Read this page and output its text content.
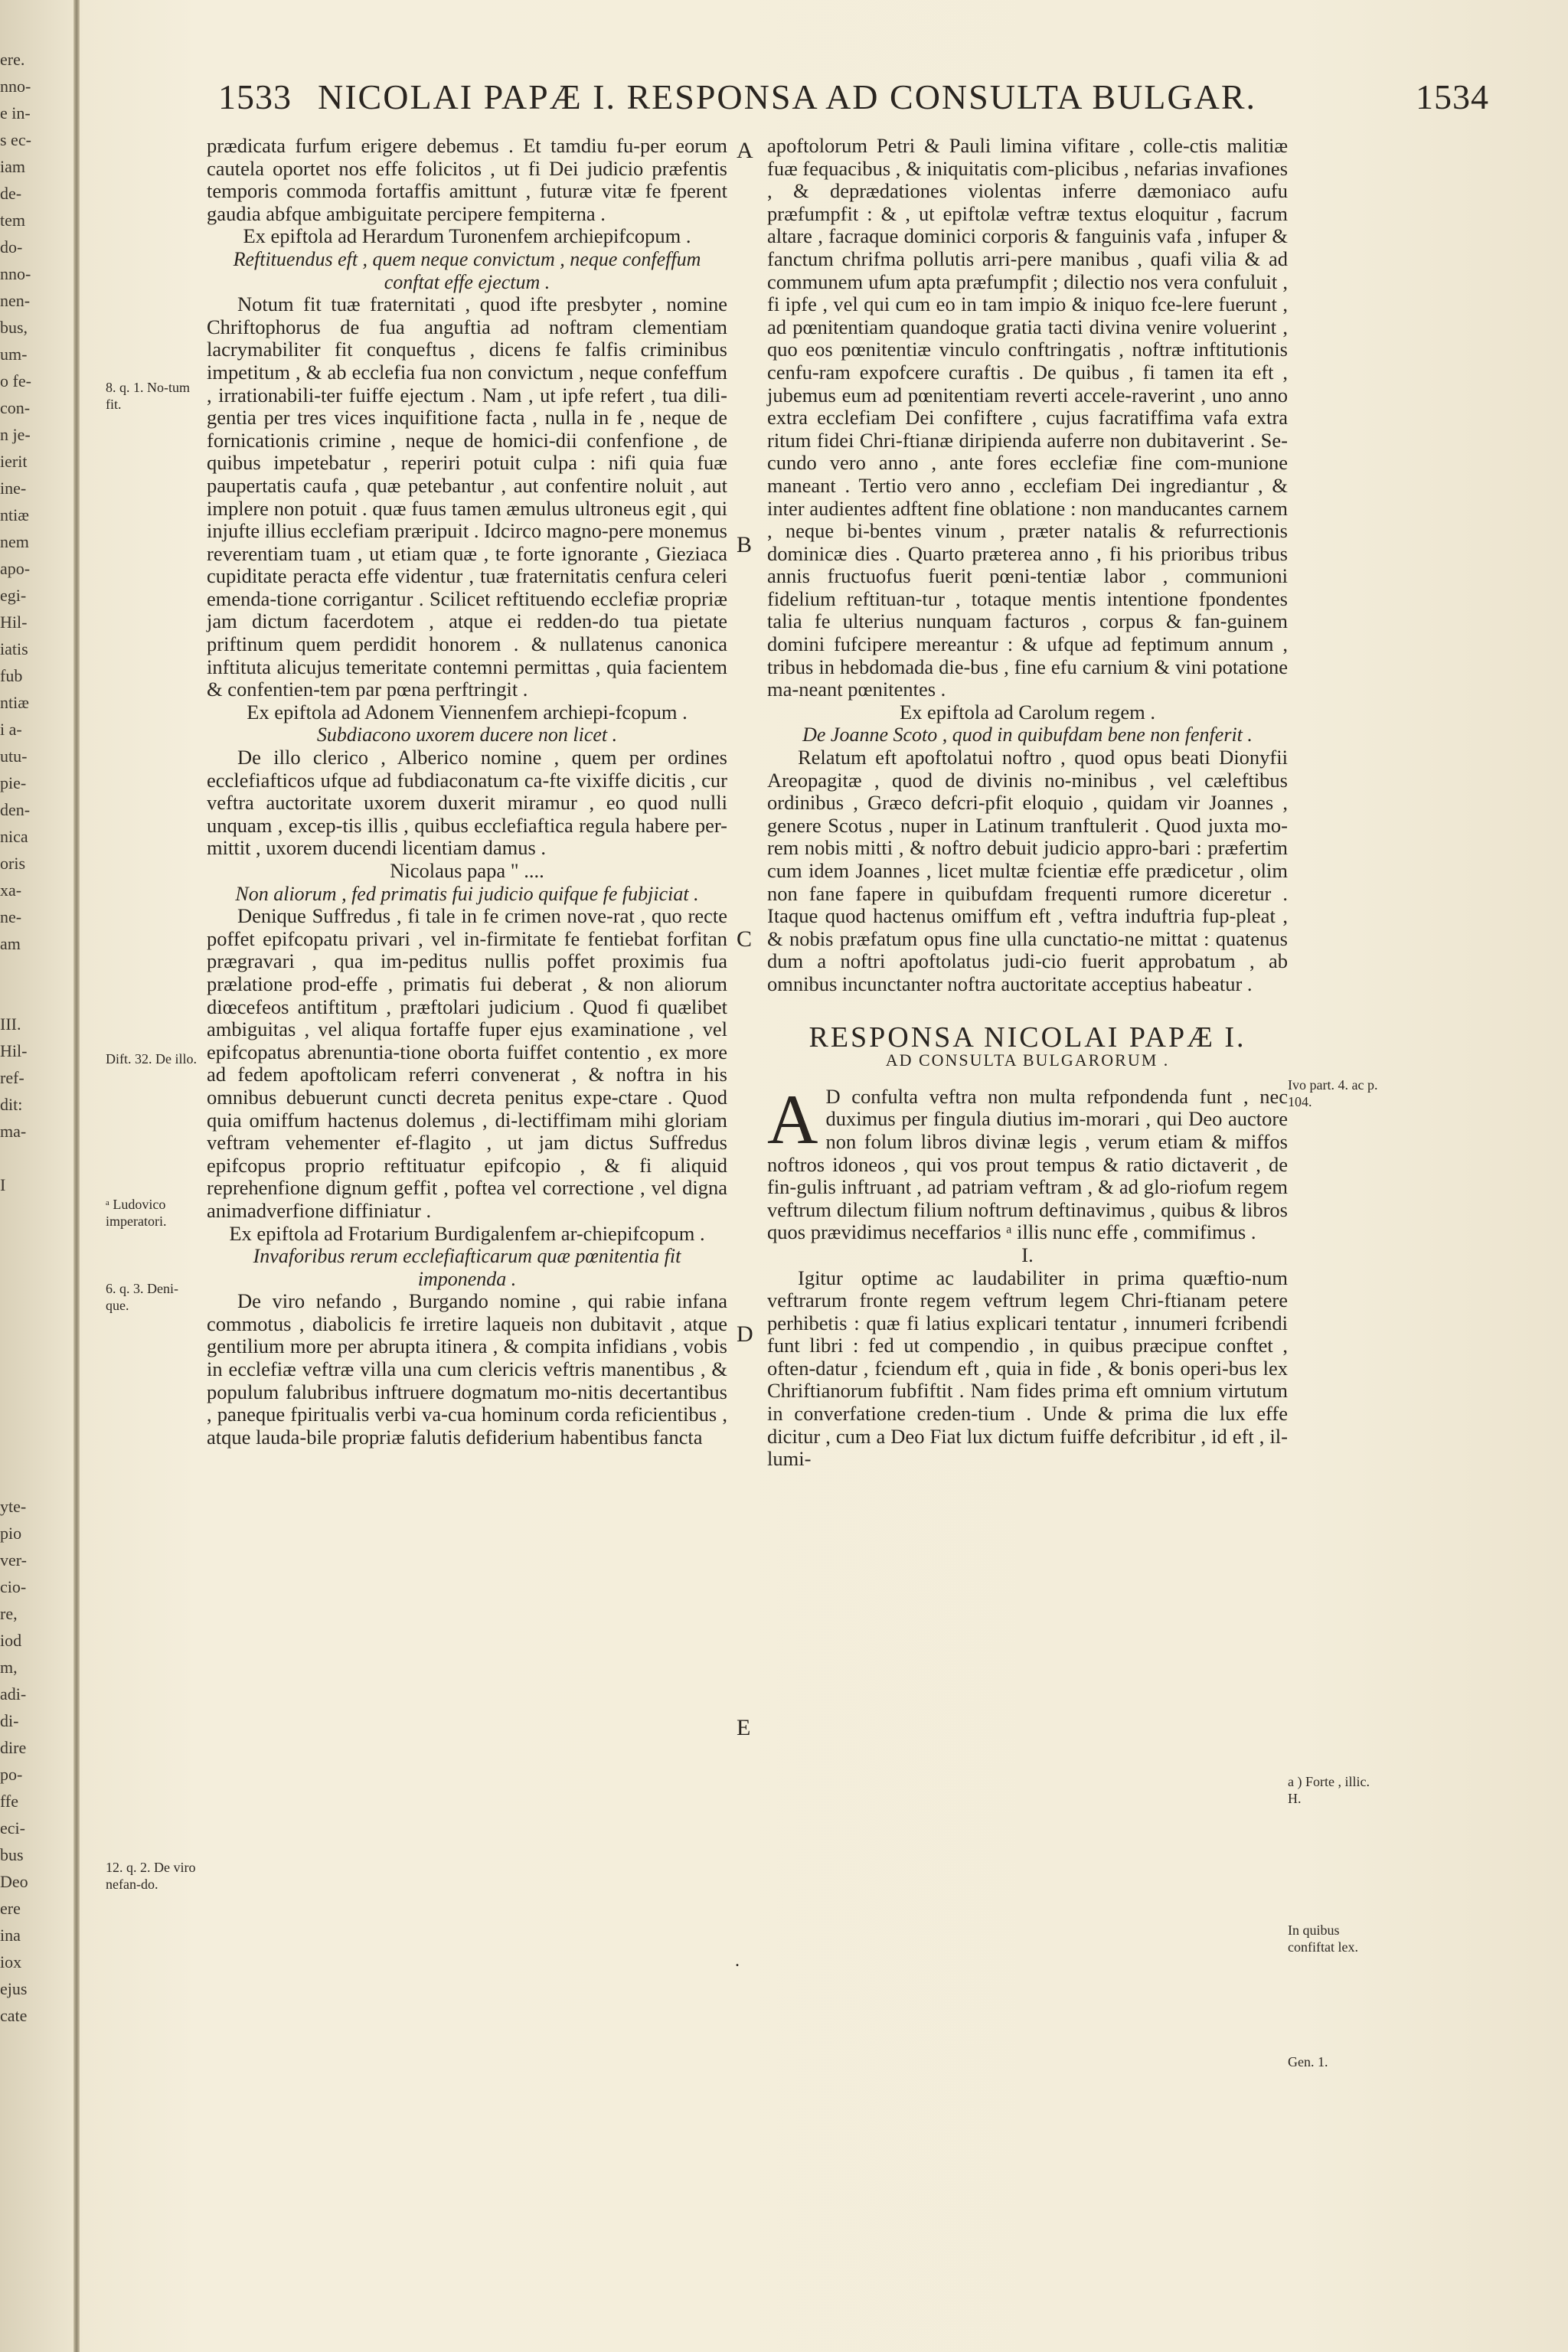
ere.
nno-
e in-
s ec-
iam
de-
tem
do-
nno-
nen-
bus,
um-
o fe-
con-
n je-
ierit
ine-
ntiæ
nem
apo-
egi-
Hil-
iatis
fub
ntiæ
i a-
utu-
pie-
den-
nica
oris
xa-
ne-
am

III.
Hil-
ref-
dit:
ma-

I

yte-
pio
ver-
cio-
re,
iod
m,
adi-
di-
dire
po-
ffe
eci-
bus
Deo
ere
ina
iox
ejus
cate
1533 NICOLAI PAPÆ I. RESPONSA AD CONSULTA BULGAR.	1534

prædicata furfum erigere debemus . Et tamdiu fu-per eorum cautela oportet nos effe folicitos , ut fi Dei judicio præfentis temporis commoda fortaffis amittunt , futuræ vitæ fe fperent gaudia abfque ambiguitate percipere fempiterna .

Ex epiftola ad Herardum Turonenfem archiepifcopum .

Reftituendus eft , quem neque convictum , neque confeffum conftat effe ejectum .

Notum fit tuæ fraternitati , quod ifte presbyter , nomine Chriftophorus de fua anguftia ad noftram clementiam lacrymabiliter fit conqueftus , dicens fe falfis criminibus impetitum , & ab ecclefia fua non convictum , neque confeffum , irrationabili-ter fuiffe ejectum . Nam , ut ipfe refert , tua dili-gentia per tres vices inquifitione facta , nulla in fe , neque de fornicationis crimine , neque de homici-dii confenfione , de quibus impetebatur , reperiri potuit culpa : nifi quia fuæ paupertatis caufa , quæ petebantur , aut confentire noluit , aut implere non potuit . quæ fuus tamen æmulus ultroneus egit , qui injufte illius ecclefiam præripuit . Idcirco magno-pere monemus reverentiam tuam , ut etiam quæ , te forte ignorante , Gieziaca cupiditate peracta effe videntur , tuæ fraternitatis cenfura celeri emenda-tione corrigantur . Scilicet reftituendo ecclefiæ propriæ jam dictum facerdotem , atque ei redden-do tua pietate priftinum quem perdidit honorem . & nullatenus canonica inftituta alicujus temeritate contemni permittas , quia facientem & confentien-tem par pœna perftringit .

Ex epiftola ad Adonem Viennenfem archiepi-fcopum .

Subdiacono uxorem ducere non licet .

De illo clerico , Alberico nomine , quem per ordines ecclefiafticos ufque ad fubdiaconatum ca-fte vixiffe dicitis , cur veftra auctoritate uxorem duxerit miramur , eo quod nulli unquam , excep-tis illis , quibus ecclefiaftica regula habere per-mittit , uxorem ducendi licentiam damus .

Nicolaus papa " ....

Non aliorum , fed primatis fui judicio quifque fe fubjiciat .

Denique Suffredus , fi tale in fe crimen nove-rat , quo recte poffet epifcopatu privari , vel in-firmitate fe fentiebat forfitan prægravari , qua im-peditus nullis poffet proximis fua prælatione prod-effe , primatis fui deberat , & non aliorum diœcefeos antiftitum , præftolari judicium . Quod fi quælibet ambiguitas , vel aliqua fortaffe fuper ejus examinatione , vel epifcopatus abrenuntia-tione oborta fuiffet contentio , ex more ad fedem apoftolicam referri convenerat , & noftra in his omnibus debuerunt cuncti decreta penitus expe-ctare . Quod quia omiffum hactenus dolemus , di-lectiffimam mihi gloriam veftram vehementer ef-flagito , ut jam dictus Suffredus epifcopus proprio reftituatur epifcopio , & fi aliquid reprehenfione dignum geffit , poftea vel correctione , vel digna animadverfione diffiniatur .

Ex epiftola ad Frotarium Burdigalenfem ar-chiepifcopum .

Invaforibus rerum ecclefiafticarum quæ pœnitentia fit imponenda .

De viro nefando , Burgando nomine , qui rabie infana commotus , diabolicis fe irretire laqueis non dubitavit , atque gentilium more per abrupta itinera , & compita infidians , vobis in ecclefiæ veftræ villa una cum clericis veftris manentibus , & populum falubribus inftruere dogmatum mo-nitis decertantibus , paneque fpiritualis verbi va-cua hominum corda reficientibus , atque lauda-bile propriæ falutis defiderium habentibus fancta

apoftolorum Petri & Pauli limina vifitare , colle-ctis malitiæ fuæ fequacibus , & iniquitatis com-plicibus , nefarias invafiones , & deprædationes violentas inferre dæmoniaco aufu præfumpfit : & , ut epiftolæ veftræ textus eloquitur , facrum altare , facraque dominici corporis & fanguinis vafa , infuper & fanctum chrifma pollutis arri-pere manibus , quafi vilia & ad communem ufum apta præfumpfit ; dilectio nos vera confuluit , fi ipfe , vel qui cum eo in tam impio & iniquo fce-lere fuerunt , ad pœnitentiam quandoque gratia tacti divina venire voluerint , quo eos pœnitentiæ vinculo conftringatis , noftræ inftitutionis cenfu-ram expofcere curaftis . De quibus , fi tamen ita eft , jubemus eum ad pœnitentiam reverti accele-raverint , uno anno extra ecclefiam Dei confiftere , cujus facratiffima vafa extra ritum fidei Chri-ftianæ diripienda auferre non dubitaverint . Se-cundo vero anno , ante fores ecclefiæ fine com-munione maneant . Tertio vero anno , ecclefiam Dei ingrediantur , & inter audientes adftent fine oblatione : non manducantes carnem , neque bi-bentes vinum , præter natalis & refurrectionis dominicæ dies . Quarto præterea anno , fi his prioribus tribus annis fructuofus fuerit pœni-tentiæ labor , communioni fidelium reftituan-tur , totaque mentis intentione fpondentes talia fe ulterius nunquam facturos , corpus & fan-guinem domini fufcipere mereantur : & ufque ad feptimum annum , tribus in hebdomada die-bus , fine efu carnium & vini potatione ma-neant pœnitentes .

Ex epiftola ad Carolum regem .

De Joanne Scoto , quod in quibufdam bene non fenferit .

Relatum eft apoftolatui noftro , quod opus beati Dionyfii Areopagitæ , quod de divinis no-minibus , vel cæleftibus ordinibus , Græco defcri-pfit eloquio , quidam vir Joannes , genere Scotus , nuper in Latinum tranftulerit . Quod juxta mo-rem nobis mitti , & noftro debuit judicio appro-bari : præfertim cum idem Joannes , licet multæ fcientiæ effe prædicetur , olim non fane fapere in quibufdam frequenti rumore diceretur . Itaque quod hactenus omiffum eft , veftra induftria fup-pleat , & nobis præfatum opus fine ulla cunctatio-ne mittat : quatenus dum a noftri apoftolatus judi-cio fuerit approbatum , ab omnibus incunctanter noftra auctoritate acceptius habeatur .

RESPONSA NICOLAI PAPÆ I.

AD CONSULTA BULGARORUM .

A D confulta veftra non multa refpondenda funt , nec duximus per fingula diutius im-morari , qui Deo auctore non folum libros divinæ legis , verum etiam & miffos noftros idoneos , qui vos prout tempus & ratio dictaverit , de fin-gulis inftruant , ad patriam veftram , & ad glo-riofum regem veftrum dilectum filium noftrum deftinavimus , quibus & libros quos prævidimus neceffarios ᵃ illis nunc effe , commifimus .

I.

Igitur optime ac laudabiliter in prima quæftio-num veftrarum fronte regem veftrum legem Chri-ftianam petere perhibetis : quæ fi latius explicari tentatur , innumeri fcribendi funt libri : fed ut compendio , in quibus præcipue conftet , often-datur , fciendum eft , quia in fide , & bonis operi-bus lex Chriftianorum fubfiftit . Nam fides prima eft omnium virtutum in converfatione creden-tium . Unde & prima die lux effe dicitur , cum a Deo Fiat lux dictum fuiffe defcribitur , id eft , il-lumi-

8. q. 1. No-tum fit.
Dift. 32. De illo.
ᵃ Ludovico imperatori.
6. q. 3. Deni-que.
12. q. 2. De viro nefan-do.
Ivo part. 4. ac p. 104.
a ) Forte , illic. H.
In quibus confiftat lex.
Gen. 1.
A
B
C
D
E
.
